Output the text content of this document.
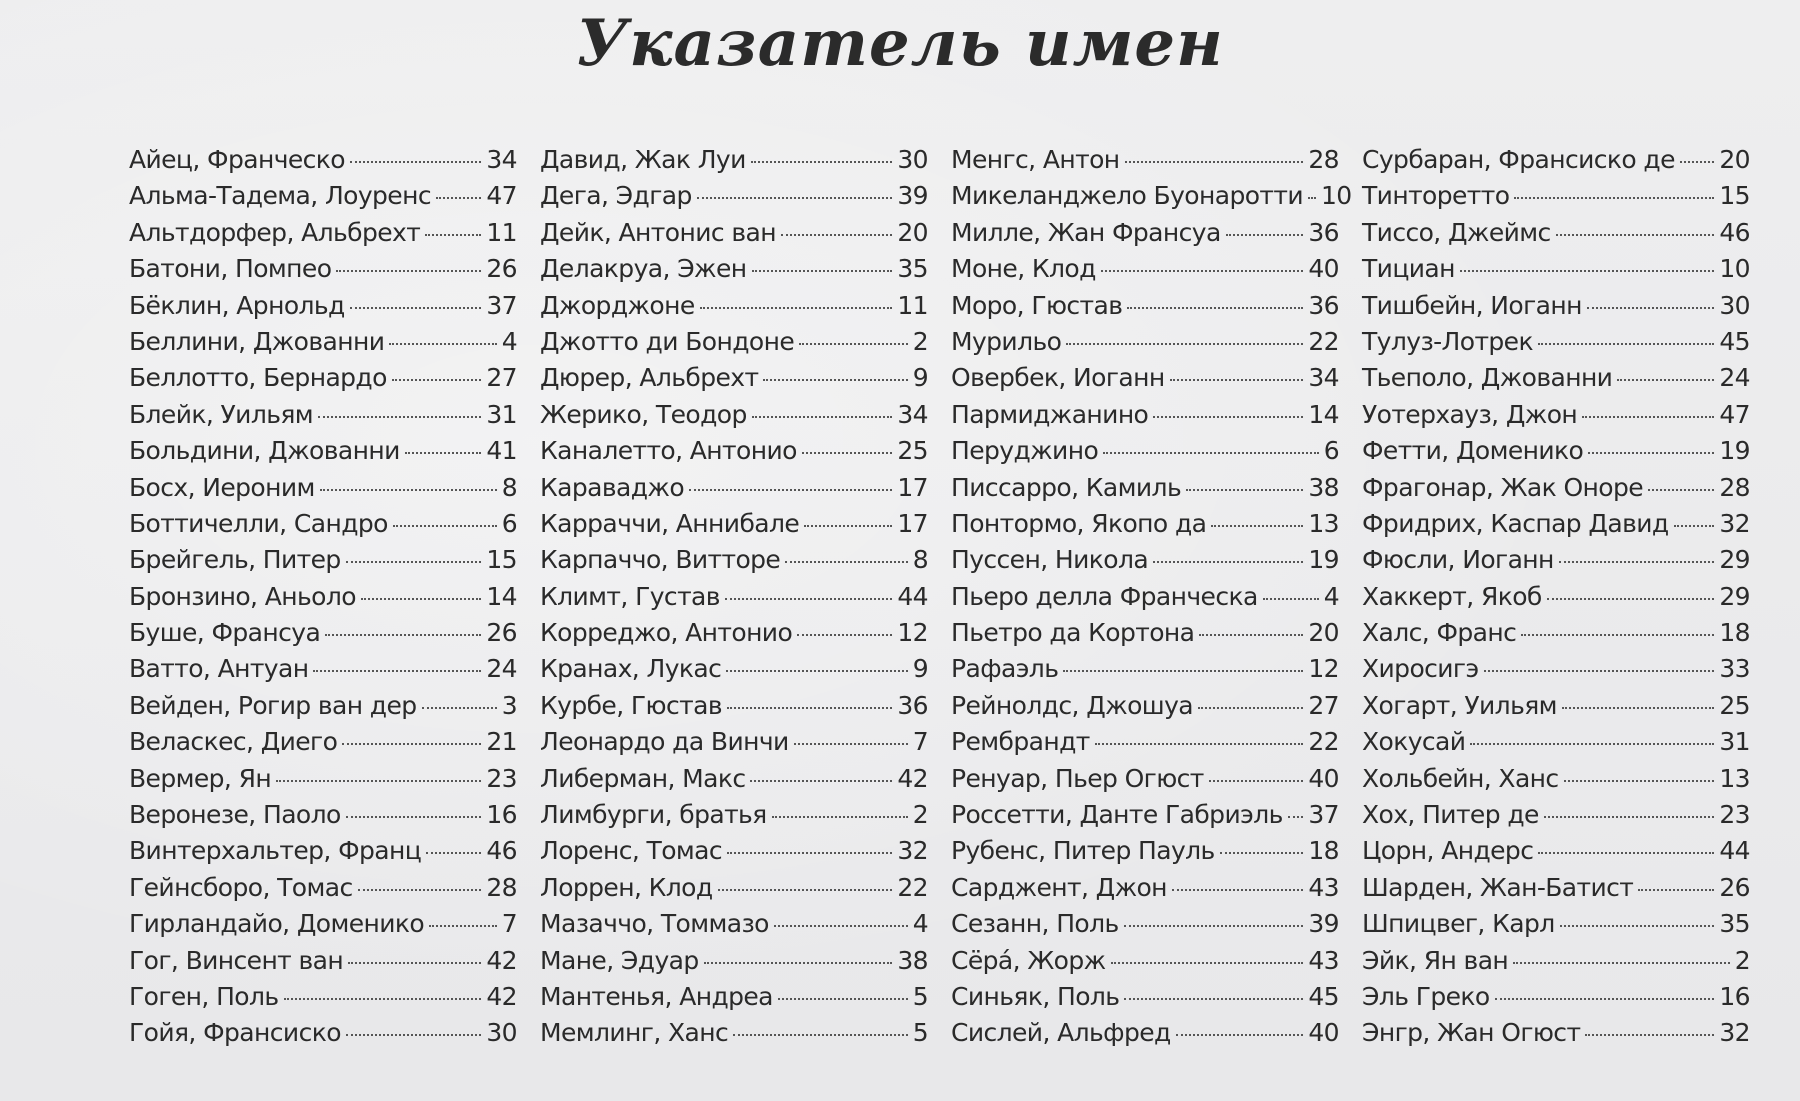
Указатель имен
Айец, Франческо	34
Альма-Тадема, Лоуренс 47
Альтдорфер, Альбрехт	11
Батони, Помпео	26
Бёклин, Арнольд	37
Беллини, Джованни	4
Беллотто, Бернардо	27
Блейк, Уильям	31
Больдини, Джованни	41
Босх, Иероним	8
Боттичелли, Сандро	6
Брейгель, Питер	15
Бронзино, Аньоло	14
Буше, Франсуа	26
Ватто, Антуан	24
Вейден, Рогир ван дер	3
Веласкес, Диего	21
Вермер, Ян	23
Веронезе, Паоло	16
Винтерхальтер, Франц	46
Гейнсборо, Томас	28
Гирландайо, Доменико	7
Гог, Винсент ван	42
Гоген, Поль	42
Гойя, Франсиско	30
Давид, Жак Луи	30
Дега, Эдгар	39
Дейк, Антонис ван	20
Делакруа, Эжен	35
Джорджоне	11
Джотто ди Бондоне	2
Дюрер, Альбрехт	9
Жерико, Теодор	34
Каналетто, Антонио	25
Караваджо	17
Карраччи, Аннибале	17
Карпаччо, Витторе	8
Климт, Густав	44
Корреджо, Антонио	12
Кранах, Лукас	9
Курбе, Гюстав	36
Леонардо да Винчи	7
Либерман, Макс	42
Лимбурги, братья	2
Лоренс, Томас	32
Лоррен, Клод	22
Мазаччо, Томмазо	4
Мане, Эдуар	38
Мантенья, Андреа	5
Мемлинг, Ханс	5
Менгс, Антон	28
Микеланджело Буонаротти 10
Милле, Жан Франсуа	36
Моне, Клод	40
Моро, Гюстав	36
Мурильо	22
Овербек, Иоганн	34
Пармиджанино	14
Перуджино	6
Писсарро, Камиль	38
Понтормо, Якопо да	13
Пуссен, Никола	19
Пьеро делла Франческа	4
Пьетро да Кортона	20
Рафаэль	12
Рейнолдс, Джошуа	27
Рембрандт	22
Ренуар, Пьер Огюст	40
Россетти, Данте Габриэль 37
Рубенс, Питер Пауль	18
Сарджент, Джон	43
Сезанн, Поль	39
Сёра́, Жорж	43
Синьяк, Поль	45
Сислей, Альфред	40
Сурбаран, Франсиско де 20
Тинторетто	15
Тиссо, Джеймс	46
Тициан	10
Тишбейн, Иоганн	30
Тулуз-Лотрек	45
Тьеполо, Джованни	24
Уотерхауз, Джон	47
Фетти, Доменико	19
Фрагонар, Жак Оноре	28
Фридрих, Каспар Давид 32
Фюсли, Иоганн	29
Хаккерт, Якоб	29
Халс, Франс	18
Хиросигэ	33
Хогарт, Уильям	25
Хокусай	31
Хольбейн, Ханс	13
Хох, Питер де	23
Цорн, Андерс	44
Шарден, Жан-Батист	26
Шпицвег, Карл	35
Эйк, Ян ван	2
Эль Греко	16
Энгр, Жан Огюст	32
